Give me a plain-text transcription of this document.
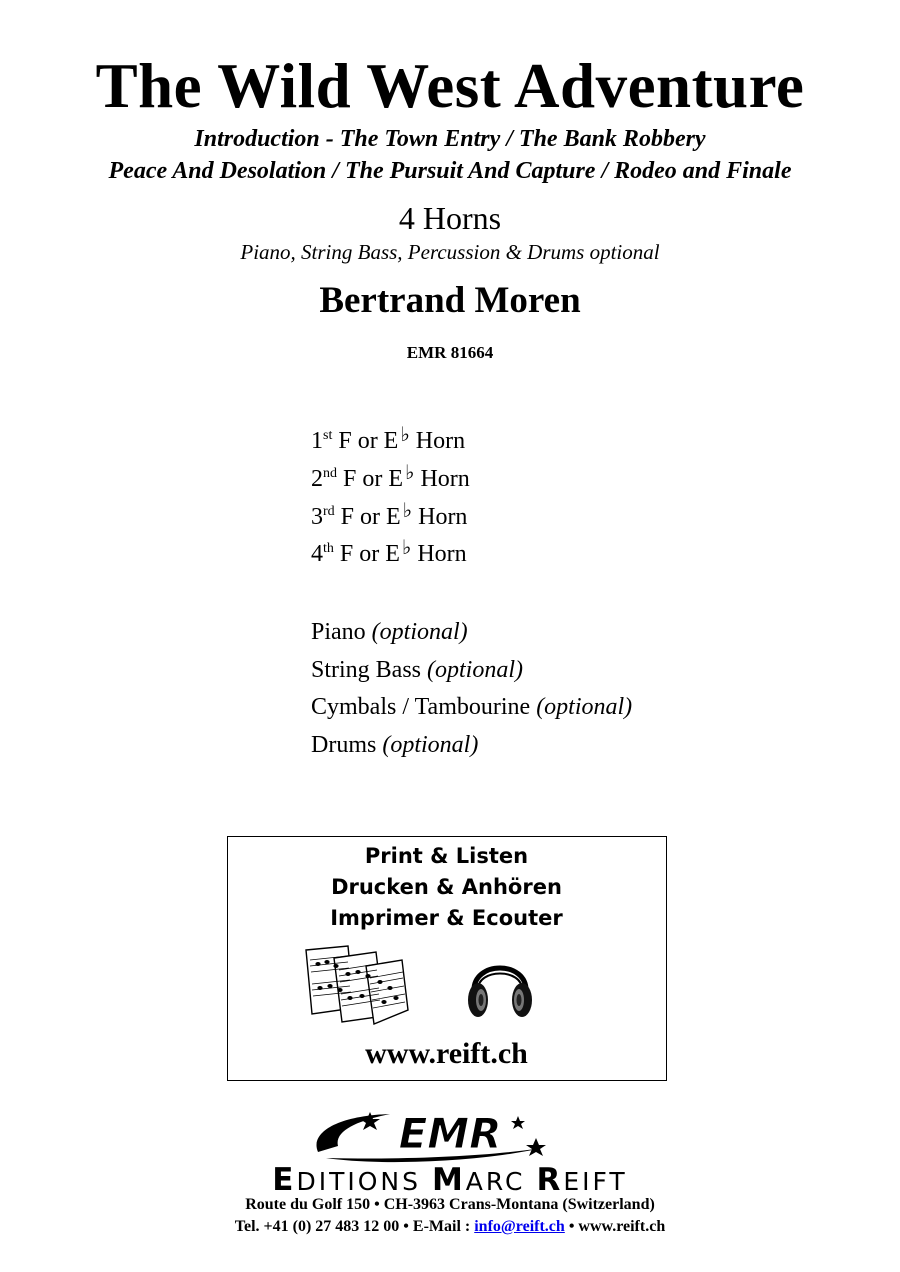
The Wild West Adventure
Introduction - The Town Entry / The Bank Robbery
Peace And Desolation / The Pursuit And Capture / Rodeo and Finale
4 Horns
Piano, String Bass, Percussion & Drums optional
Bertrand Moren
EMR 81664
1st F or E ♭ Horn
2nd F or E ♭ Horn
3rd F or E ♭ Horn
4th F or E ♭ Horn
Piano (optional)
String Bass (optional)
Cymbals / Tambourine (optional)
Drums (optional)
Print & Listen
Drucken & Anhören
Imprimer & Ecouter
www.reift.ch
EMR
EDITIONS MARC REIFT
Route du Golf 150 • CH-3963 Crans-Montana (Switzerland)
Tel. +41 (0) 27 483 12 00 • E-Mail : info@reift.ch • www.reift.ch
